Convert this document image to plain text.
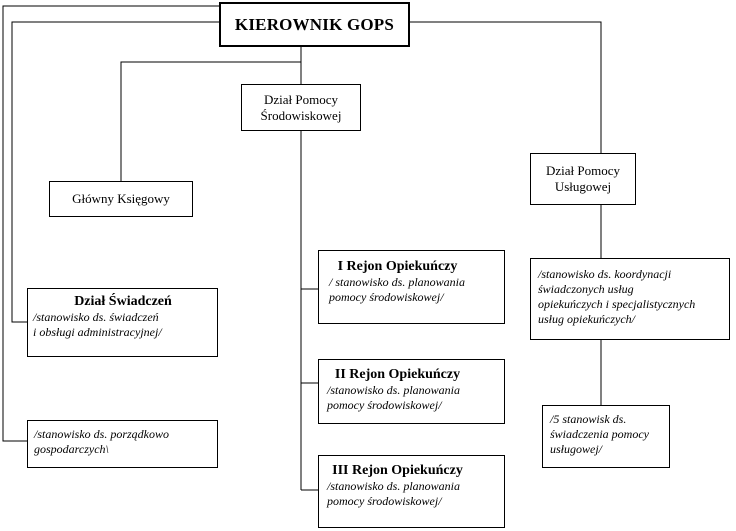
KIEROWNIK GOPS
Dział Pomocy
Środowiskowej
Główny Księgowy
Dział Pomocy
Usługowej
I Rejon Opiekuńczy
/ stanowisko ds. planowania
pomocy środowiskowej/
II Rejon Opiekuńczy
/stanowisko ds. planowania
pomocy środowiskowej/
III Rejon Opiekuńczy
/stanowisko ds. planowania
pomocy środowiskowej/
Dział Świadczeń
/stanowisko ds. świadczeń
i obsługi administracyjnej/
/stanowisko ds. porządkowo
gospodarczych\
/stanowisko ds. koordynacji
świadczonych usług
opiekuńczych i specjalistycznych
usług opiekuńczych/
/5 stanowisk ds.
świadczenia pomocy
usługowej/
